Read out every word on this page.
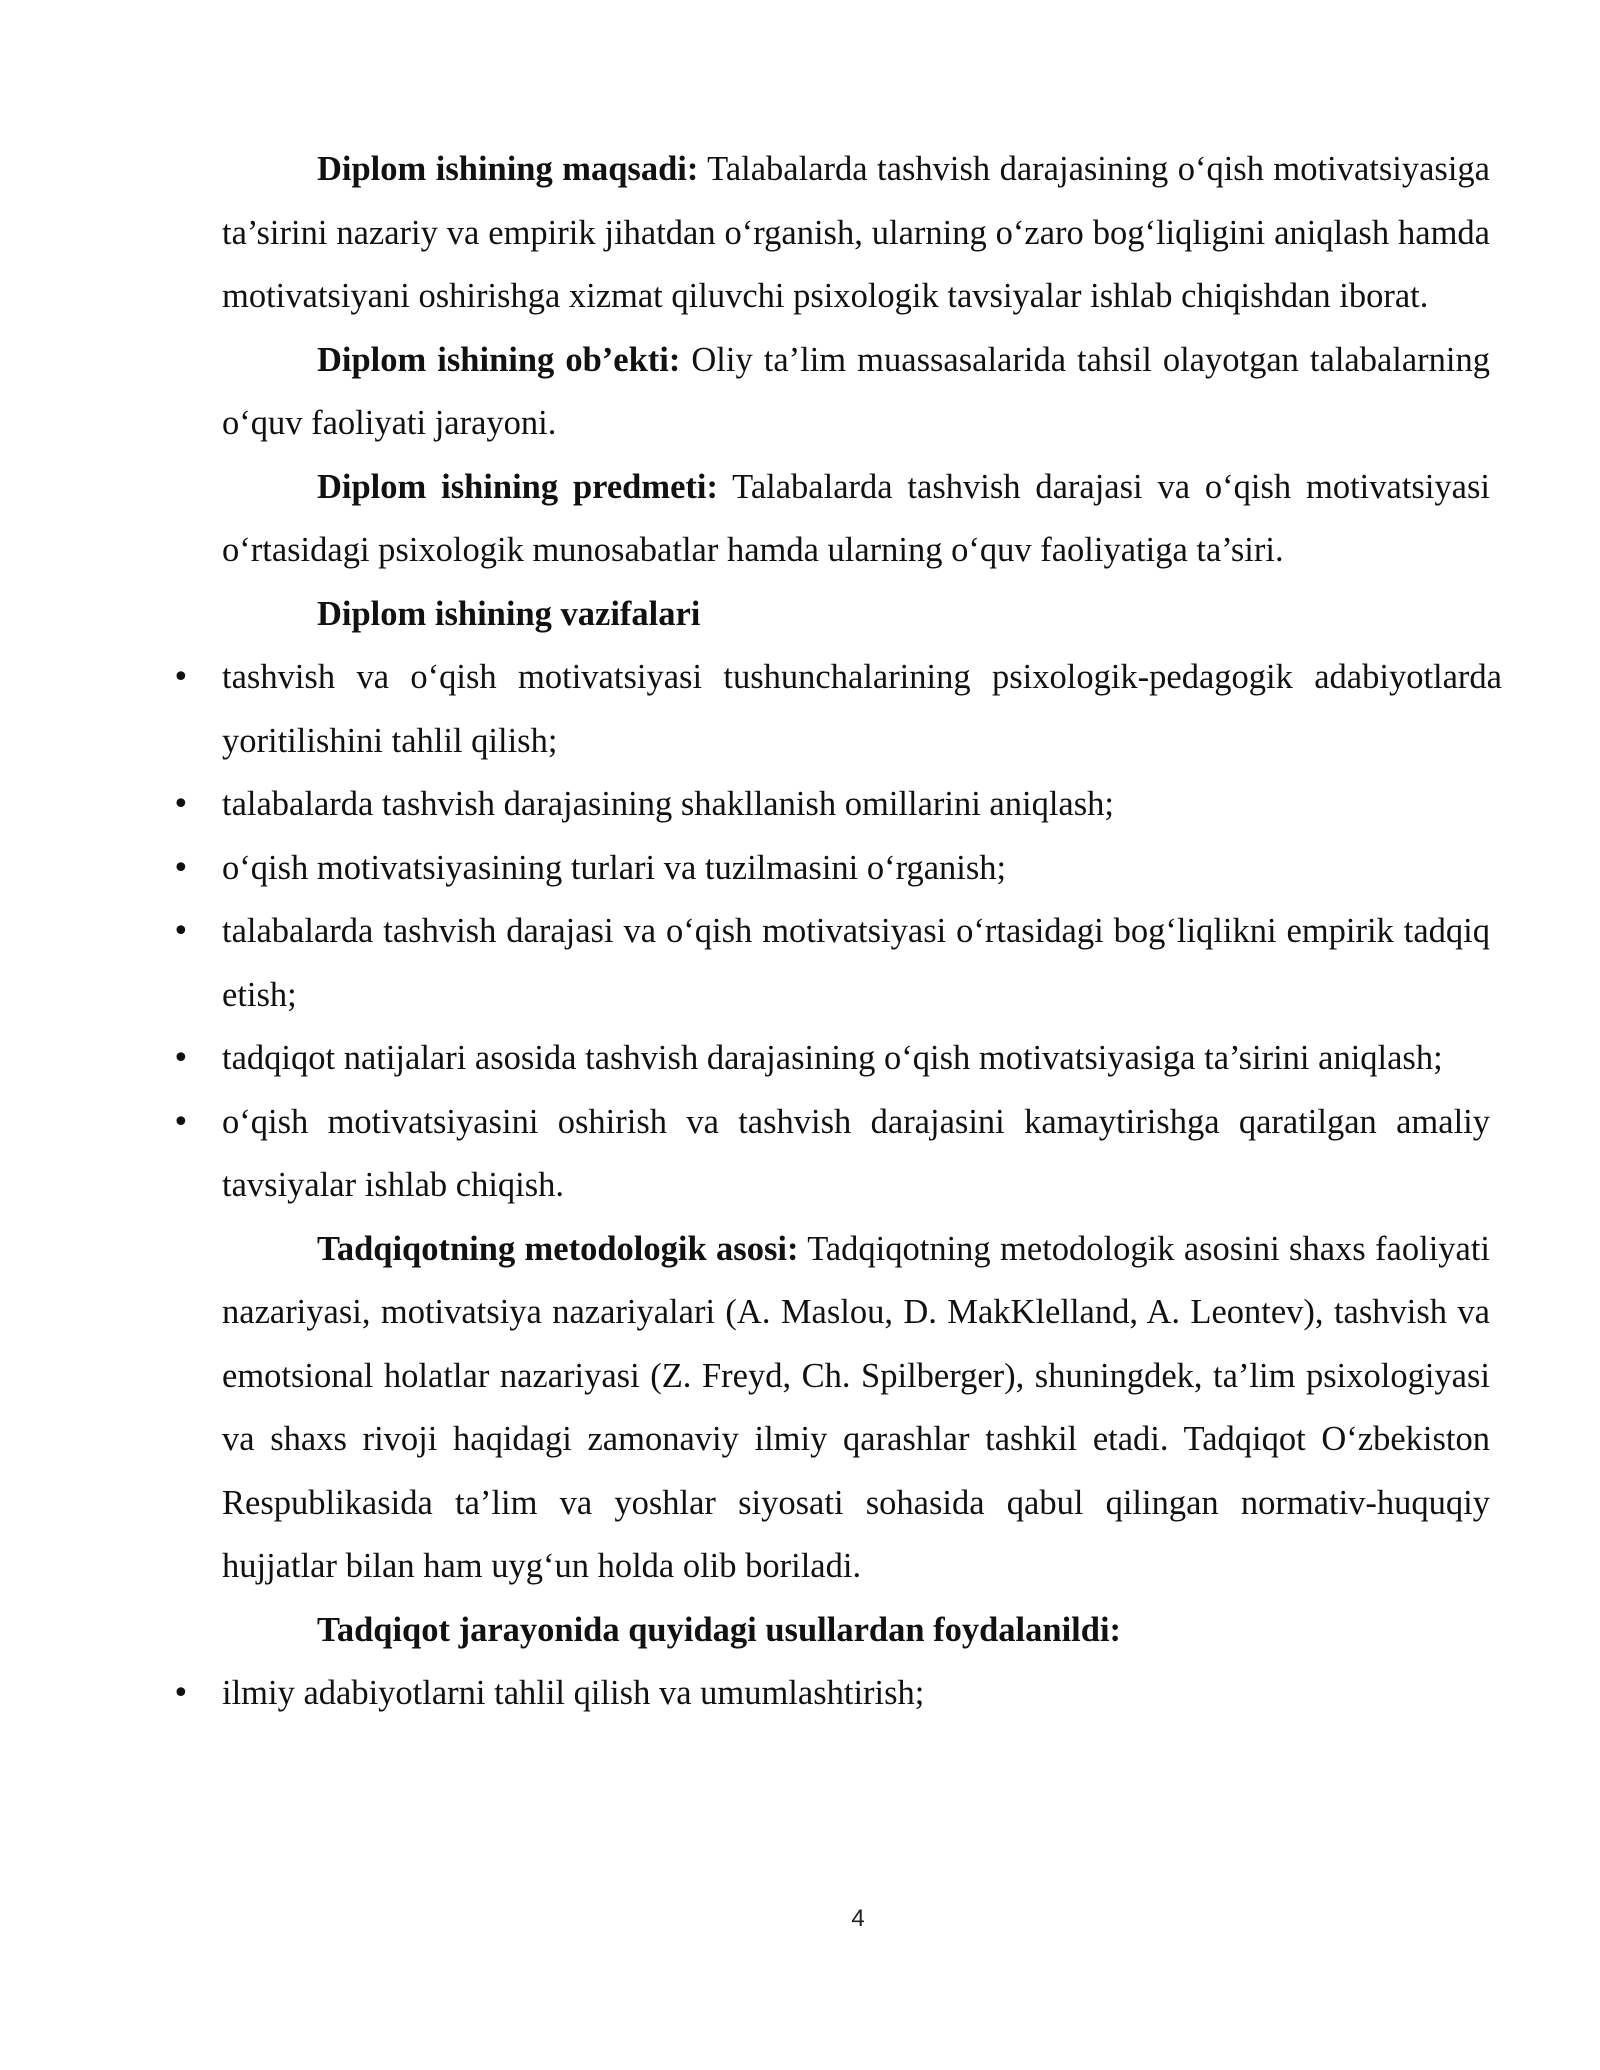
Diplom ishining maqsadi: Talabalarda tashvish darajasining o‘qish motivatsiyasiga ta’sirini nazariy va empirik jihatdan o‘rganish, ularning o‘zaro bog‘liqligini aniqlash hamda motivatsiyani oshirishga xizmat qiluvchi psixologik tavsiyalar ishlab chiqishdan iborat.

Diplom ishining ob’ekti: Oliy ta’lim muassasalarida tahsil olayotgan talabalarning o‘quv faoliyati jarayoni.

Diplom ishining predmeti: Talabalarda tashvish darajasi va o‘qish motivatsiyasi o‘rtasidagi psixologik munosabatlar hamda ularning o‘quv faoliyatiga ta’siri.

Diplom ishining vazifalari

• tashvish va o‘qish motivatsiyasi tushunchalarining psixologik-pedagogik adabiyotlarda yoritilishini tahlil qilish;
• talabalarda tashvish darajasining shakllanish omillarini aniqlash;
• o‘qish motivatsiyasining turlari va tuzilmasini o‘rganish;
• talabalarda tashvish darajasi va o‘qish motivatsiyasi o‘rtasidagi bog‘liqlikni empirik tadqiq etish;
• tadqiqot natijalari asosida tashvish darajasining o‘qish motivatsiyasiga ta’sirini aniqlash;
• o‘qish motivatsiyasini oshirish va tashvish darajasini kamaytirishga qaratilgan amaliy tavsiyalar ishlab chiqish.

Tadqiqotning metodologik asosi: Tadqiqotning metodologik asosini shaxs faoliyati nazariyasi, motivatsiya nazariyalari (A. Maslou, D. MakKlelland, A. Leontev), tashvish va emotsional holatlar nazariyasi (Z. Freyd, Ch. Spilberger), shuningdek, ta’lim psixologiyasi va shaxs rivoji haqidagi zamonaviy ilmiy qarashlar tashkil etadi. Tadqiqot O‘zbekiston Respublikasida ta’lim va yoshlar siyosati sohasida qabul qilingan normativ-huquqiy hujjatlar bilan ham uyg‘un holda olib boriladi.

Tadqiqot jarayonida quyidagi usullardan foydalanildi:

• ilmiy adabiyotlarni tahlil qilish va umumlashtirish;
4
